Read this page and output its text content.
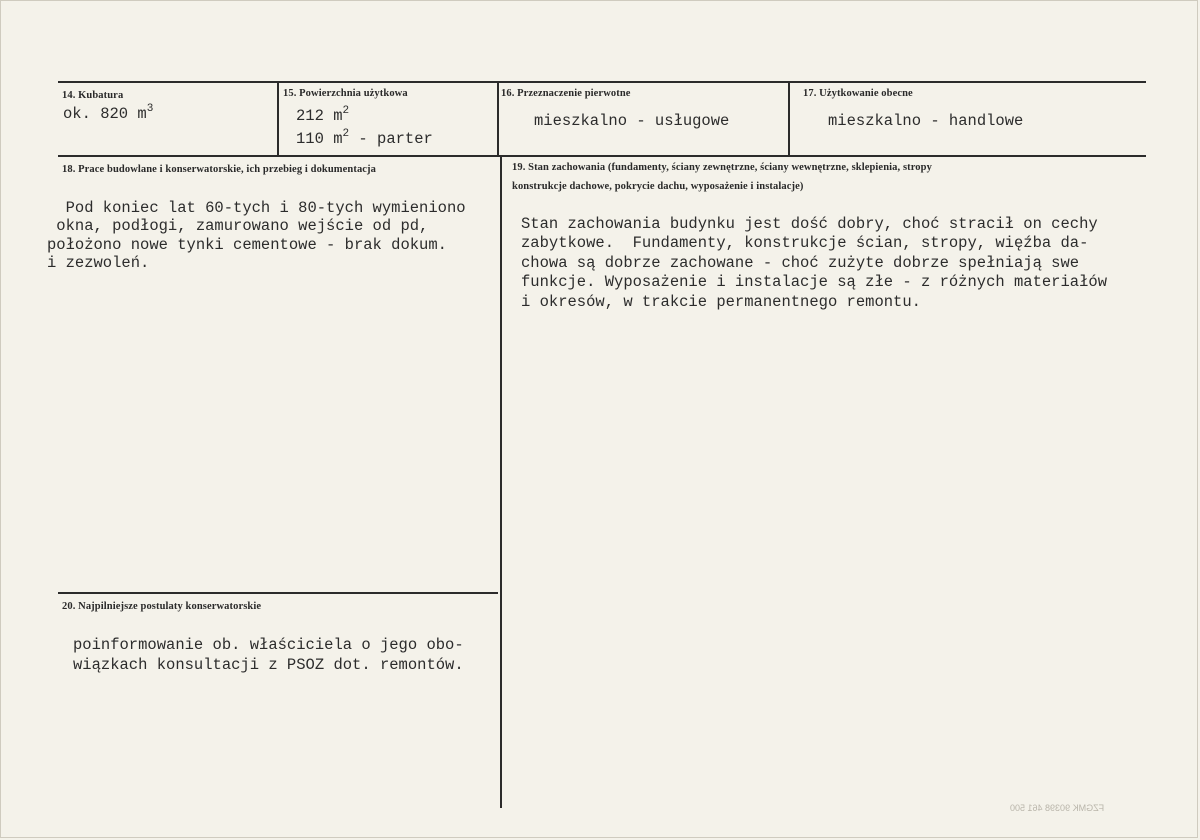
14. Kubatura
ok. 820 $m^3$
15. Powierzchnia użytkowa
212 $m^2$
110 $m^2$ - parter
16. Przeznaczenie pierwotne
mieszkalno - usługowe
17. Użytkowanie obecne
mieszkalno - handlowe
18. Prace budowlane i konserwatorskie, ich przebieg i dokumentacja

Pod koniec lat 60-tych i 80-tych wymieniono
okna, podłogi, zamurowano wejście od pd,
położono nowe tynki cementowe - brak dokum.
i zezwoleń.
19. Stan zachowania (fundamenty, ściany zewnętrzne, ściany wewnętrzne, sklepienia, stropy
konstrukcje dachowe, pokrycie dachu, wyposażenie i instalacje)

Stan zachowania budynku jest dość dobry, choć stracił on cechy
zabytkowe.  Fundamenty, konstrukcje ścian, stropy, więźba da-
chowa są dobrze zachowane - choć zużyte dobrze spełniają swe
funkcje. Wyposażenie i instalacje są złe - z różnych materiałów
i okresów, w trakcie permanentnego remontu.
20. Najpilniejsze postulaty konserwatorskie

poinformowanie ob. właściciela o jego obo-
wiązkach konsultacji z PSOZ dot. remontów.
FZGMK 90398 461 500
